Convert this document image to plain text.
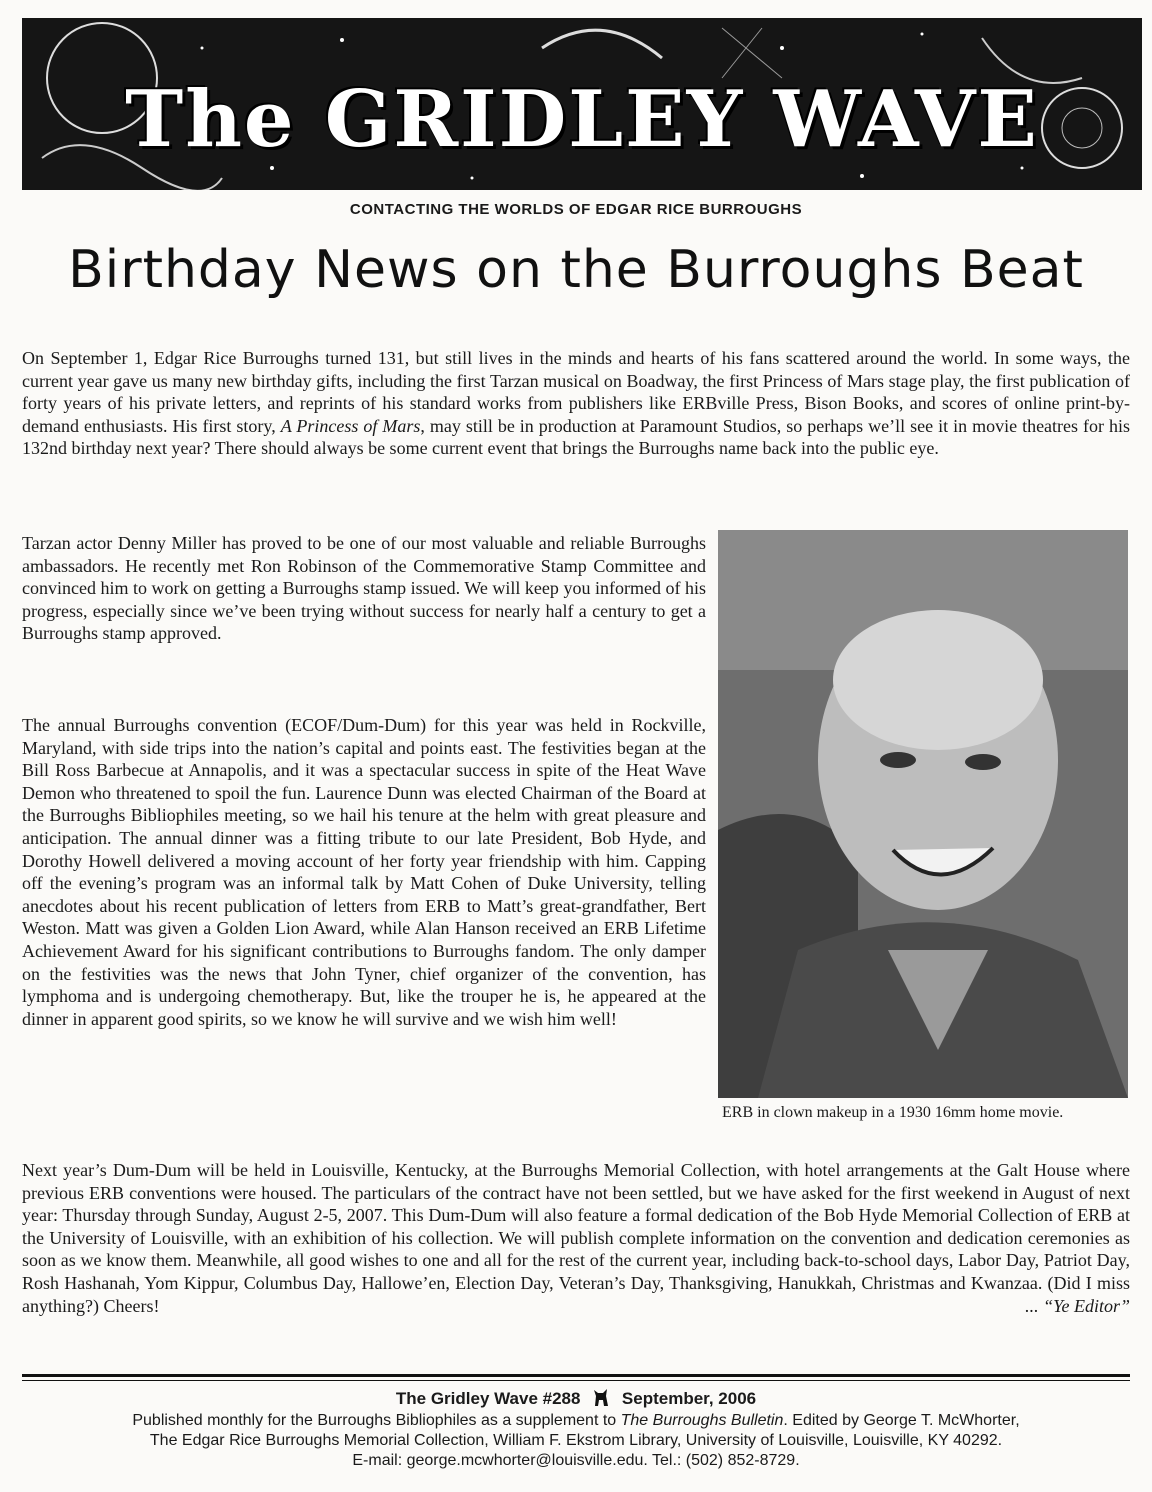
The GRIDLEY WAVE
CONTACTING THE WORLDS OF EDGAR RICE BURROUGHS
Birthday News on the Burroughs Beat

On September 1, Edgar Rice Burroughs turned 131, but still lives in the minds and hearts of his fans scattered around the world. In some ways, the current year gave us many new birthday gifts, including the first Tarzan musical on Boadway, the first Princess of Mars stage play, the first publication of forty years of his private letters, and reprints of his standard works from publishers like ERBville Press, Bison Books, and scores of online print-by-demand enthusiasts. His first story, A Princess of Mars, may still be in production at Paramount Studios, so perhaps we’ll see it in movie theatres for his 132nd birthday next year? There should always be some current event that brings the Burroughs name back into the public eye.

Tarzan actor Denny Miller has proved to be one of our most valuable and reliable Burroughs ambassadors. He recently met Ron Robinson of the Commemorative Stamp Committee and convinced him to work on getting a Burroughs stamp issued. We will keep you informed of his progress, especially since we’ve been trying without success for nearly half a century to get a Burroughs stamp approved.

The annual Burroughs convention (ECOF/Dum-Dum) for this year was held in Rockville, Maryland, with side trips into the nation’s capital and points east. The festivities began at the Bill Ross Barbecue at Annapolis, and it was a spectacular success in spite of the Heat Wave Demon who threatened to spoil the fun. Laurence Dunn was elected Chairman of the Board at the Burroughs Bibliophiles meeting, so we hail his tenure at the helm with great pleasure and anticipation. The annual dinner was a fitting tribute to our late President, Bob Hyde, and Dorothy Howell delivered a moving account of her forty year friendship with him. Capping off the evening’s program was an informal talk by Matt Cohen of Duke University, telling anecdotes about his recent publication of letters from ERB to Matt’s great-grandfather, Bert Weston. Matt was given a Golden Lion Award, while Alan Hanson received an ERB Lifetime Achievement Award for his significant contributions to Burroughs fandom. The only damper on the festivities was the news that John Tyner, chief organizer of the convention, has lymphoma and is undergoing chemotherapy. But, like the trouper he is, he appeared at the dinner in apparent good spirits, so we know he will survive and we wish him well!

ERB in clown makeup in a 1930 16mm home movie.

Next year’s Dum-Dum will be held in Louisville, Kentucky, at the Burroughs Memorial Collection, with hotel arrangements at the Galt House where previous ERB conventions were housed. The particulars of the contract have not been settled, but we have asked for the first weekend in August of next year: Thursday through Sunday, August 2-5, 2007. This Dum-Dum will also feature a formal dedication of the Bob Hyde Memorial Collection of ERB at the University of Louisville, with an exhibition of his collection. We will publish complete information on the convention and dedication ceremonies as soon as we know them. Meanwhile, all good wishes to one and all for the rest of the current year, including back-to-school days, Labor Day, Patriot Day, Rosh Hashanah, Yom Kippur, Columbus Day, Hallowe’en, Election Day, Veteran’s Day, Thanksgiving, Hanukkah, Christmas and Kwanzaa. (Did I miss anything?) Cheers!	... “Ye Editor”

The Gridley Wave #288 September, 2006
Published monthly for the Burroughs Bibliophiles as a supplement to The Burroughs Bulletin. Edited by George T. McWhorter,
The Edgar Rice Burroughs Memorial Collection, William F. Ekstrom Library, University of Louisville, Louisville, KY 40292.
E-mail: george.mcwhorter@louisville.edu. Tel.: (502) 852-8729.
